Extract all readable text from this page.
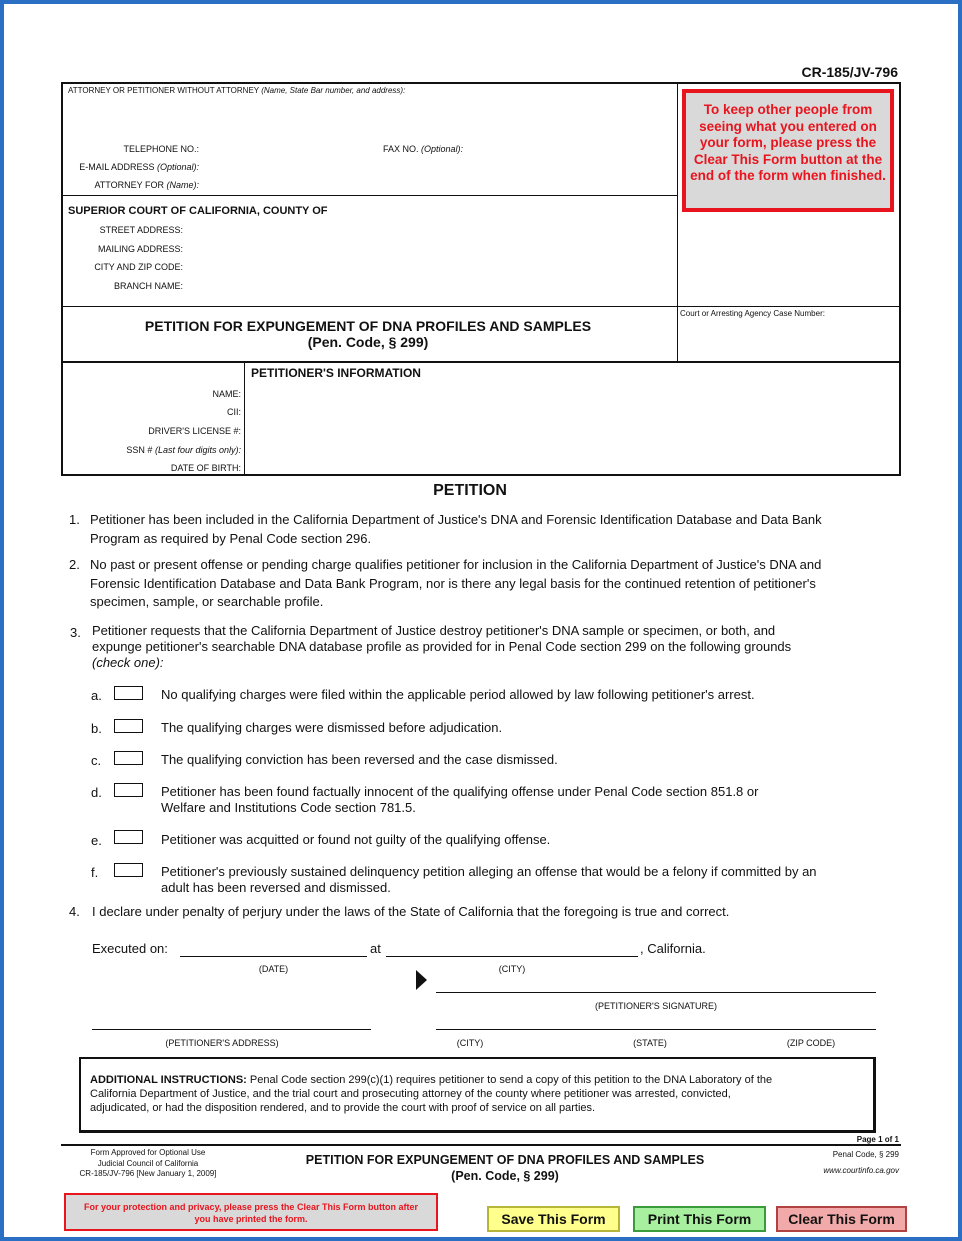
CR-185/JV-796
ATTORNEY OR PETITIONER WITHOUT ATTORNEY (Name, State Bar number, and address):
TELEPHONE NO.:	FAX NO. (Optional):
E-MAIL ADDRESS (Optional):
ATTORNEY FOR (Name):
To keep other people from seeing what you entered on your form, please press the Clear This Form button at the end of the form when finished.
SUPERIOR COURT OF CALIFORNIA, COUNTY OF
STREET ADDRESS:
MAILING ADDRESS:
CITY AND ZIP CODE:
BRANCH NAME:
PETITION FOR EXPUNGEMENT OF DNA PROFILES AND SAMPLES
(Pen. Code, § 299)
Court or Arresting Agency Case Number:
PETITIONER'S INFORMATION
NAME:
CII:
DRIVER'S LICENSE #:
SSN # (Last four digits only):
DATE OF BIRTH:
PETITION
1. Petitioner has been included in the California Department of Justice's DNA and Forensic Identification Database and Data Bank
Program as required by Penal Code section 296.
2. No past or present offense or pending charge qualifies petitioner for inclusion in the California Department of Justice's DNA and
Forensic Identification Database and Data Bank Program, nor is there any legal basis for the continued retention of petitioner's
specimen, sample, or searchable profile.
3. Petitioner requests that the California Department of Justice destroy petitioner's DNA sample or specimen, or both, and
expunge petitioner's searchable DNA database profile as provided for in Penal Code section 299 on the following grounds
(check one):
a.	No qualifying charges were filed within the applicable period allowed by law following petitioner's arrest.
b.	The qualifying charges were dismissed before adjudication.
c.	The qualifying conviction has been reversed and the case dismissed.
d.	Petitioner has been found factually innocent of the qualifying offense under Penal Code section 851.8 or
Welfare and Institutions Code section 781.5.
e.	Petitioner was acquitted or found not guilty of the qualifying offense.
f.	Petitioner's previously sustained delinquency petition alleging an offense that would be a felony if committed by an
adult has been reversed and dismissed.
4. I declare under penalty of perjury under the laws of the State of California that the foregoing is true and correct.
Executed on:	at	, California.
(DATE)	(CITY)
(PETITIONER'S SIGNATURE)
(PETITIONER'S ADDRESS)	(CITY)	(STATE)	(ZIP CODE)
ADDITIONAL INSTRUCTIONS: Penal Code section 299(c)(1) requires petitioner to send a copy of this petition to the DNA Laboratory of the
California Department of Justice, and the trial court and prosecuting attorney of the county where petitioner was arrested, convicted,
adjudicated, or had the disposition rendered, and to provide the court with proof of service on all parties.
Page 1 of 1
Form Approved for Optional Use
Judicial Council of California
CR-185/JV-796 [New January 1, 2009]
PETITION FOR EXPUNGEMENT OF DNA PROFILES AND SAMPLES
(Pen. Code, § 299)
Penal Code, § 299
www.courtinfo.ca.gov
For your protection and privacy, please press the Clear This Form button after you have printed the form.	Save This Form	Print This Form	Clear This Form
